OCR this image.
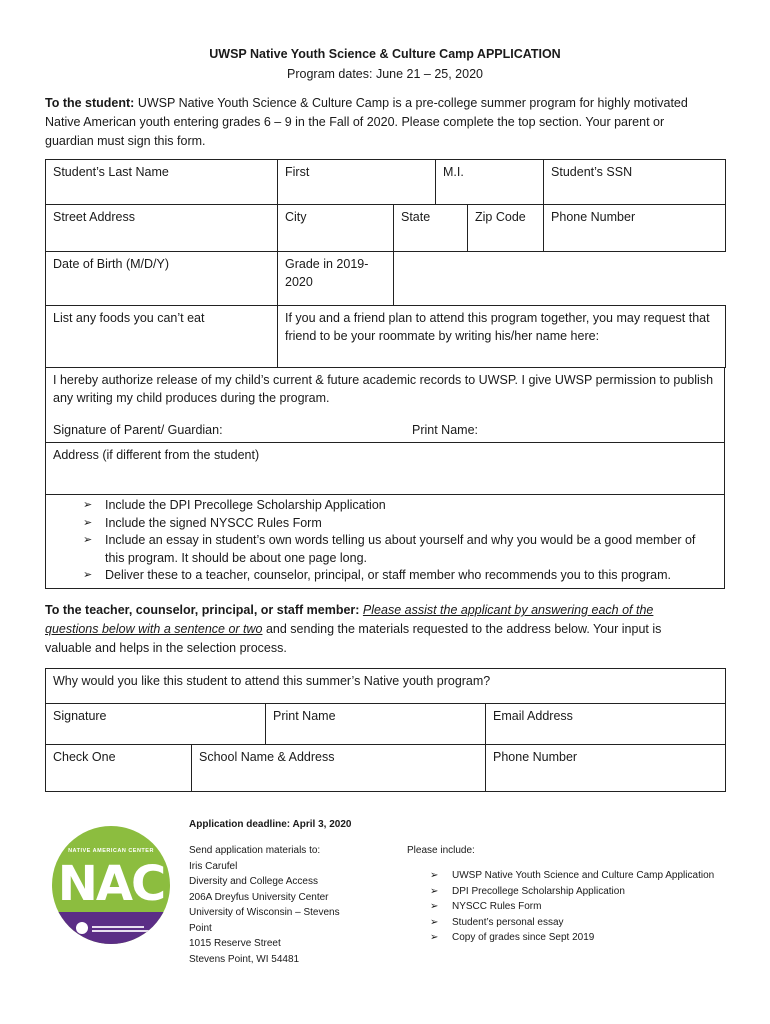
UWSP Native Youth Science & Culture Camp APPLICATION
Program dates: June 21 – 25, 2020
To the student: UWSP Native Youth Science & Culture Camp is a pre-college summer program for highly motivated Native American youth entering grades 6 – 9 in the Fall of 2020. Please complete the top section. Your parent or guardian must sign this form.
Student’s Last Name	First		M.I.		Student’s SSN
Street Address	City	State		Zip Code	Phone Number
Date of Birth (M/D/Y)	Grade in 2019-2020				
List any foods you can’t eat	If you and a friend plan to attend this program together, you may request that friend to be your roommate by writing his/her name here:				
I hereby authorize release of my child’s current & future academic records to UWSP. I give UWSP permission to publish any writing my child produces during the program.
Signature of Parent/ Guardian:	Print Name:

Address (if different from the student)

➢ Include the DPI Precollege Scholarship Application
➢ Include the signed NYSCC Rules Form
➢ Include an essay in student’s own words telling us about yourself and why you would be a good member of this program. It should be about one page long.
➢ Deliver these to a teacher, counselor, principal, or staff member who recommends you to this program.
To the teacher, counselor, principal, or staff member: Please assist the applicant by answering each of the questions below with a sentence or two and sending the materials requested to the address below. Your input is valuable and helps in the selection process.
Why would you like this student to attend this summer’s Native youth program?			
Signature		Print Name	Email Address
Check One	School Name & Address		Phone Number
NATIVE AMERICAN CENTER
NAC
Application deadline: April 3, 2020
Send application materials to:
Iris Carufel
Diversity and College Access
206A Dreyfus University Center
University of Wisconsin – Stevens Point
1015 Reserve Street
Stevens Point, WI 54481
Please include:
➢ UWSP Native Youth Science and Culture Camp Application
➢ DPI Precollege Scholarship Application
➢ NYSCC Rules Form
➢ Student’s personal essay
➢ Copy of grades since Sept 2019
